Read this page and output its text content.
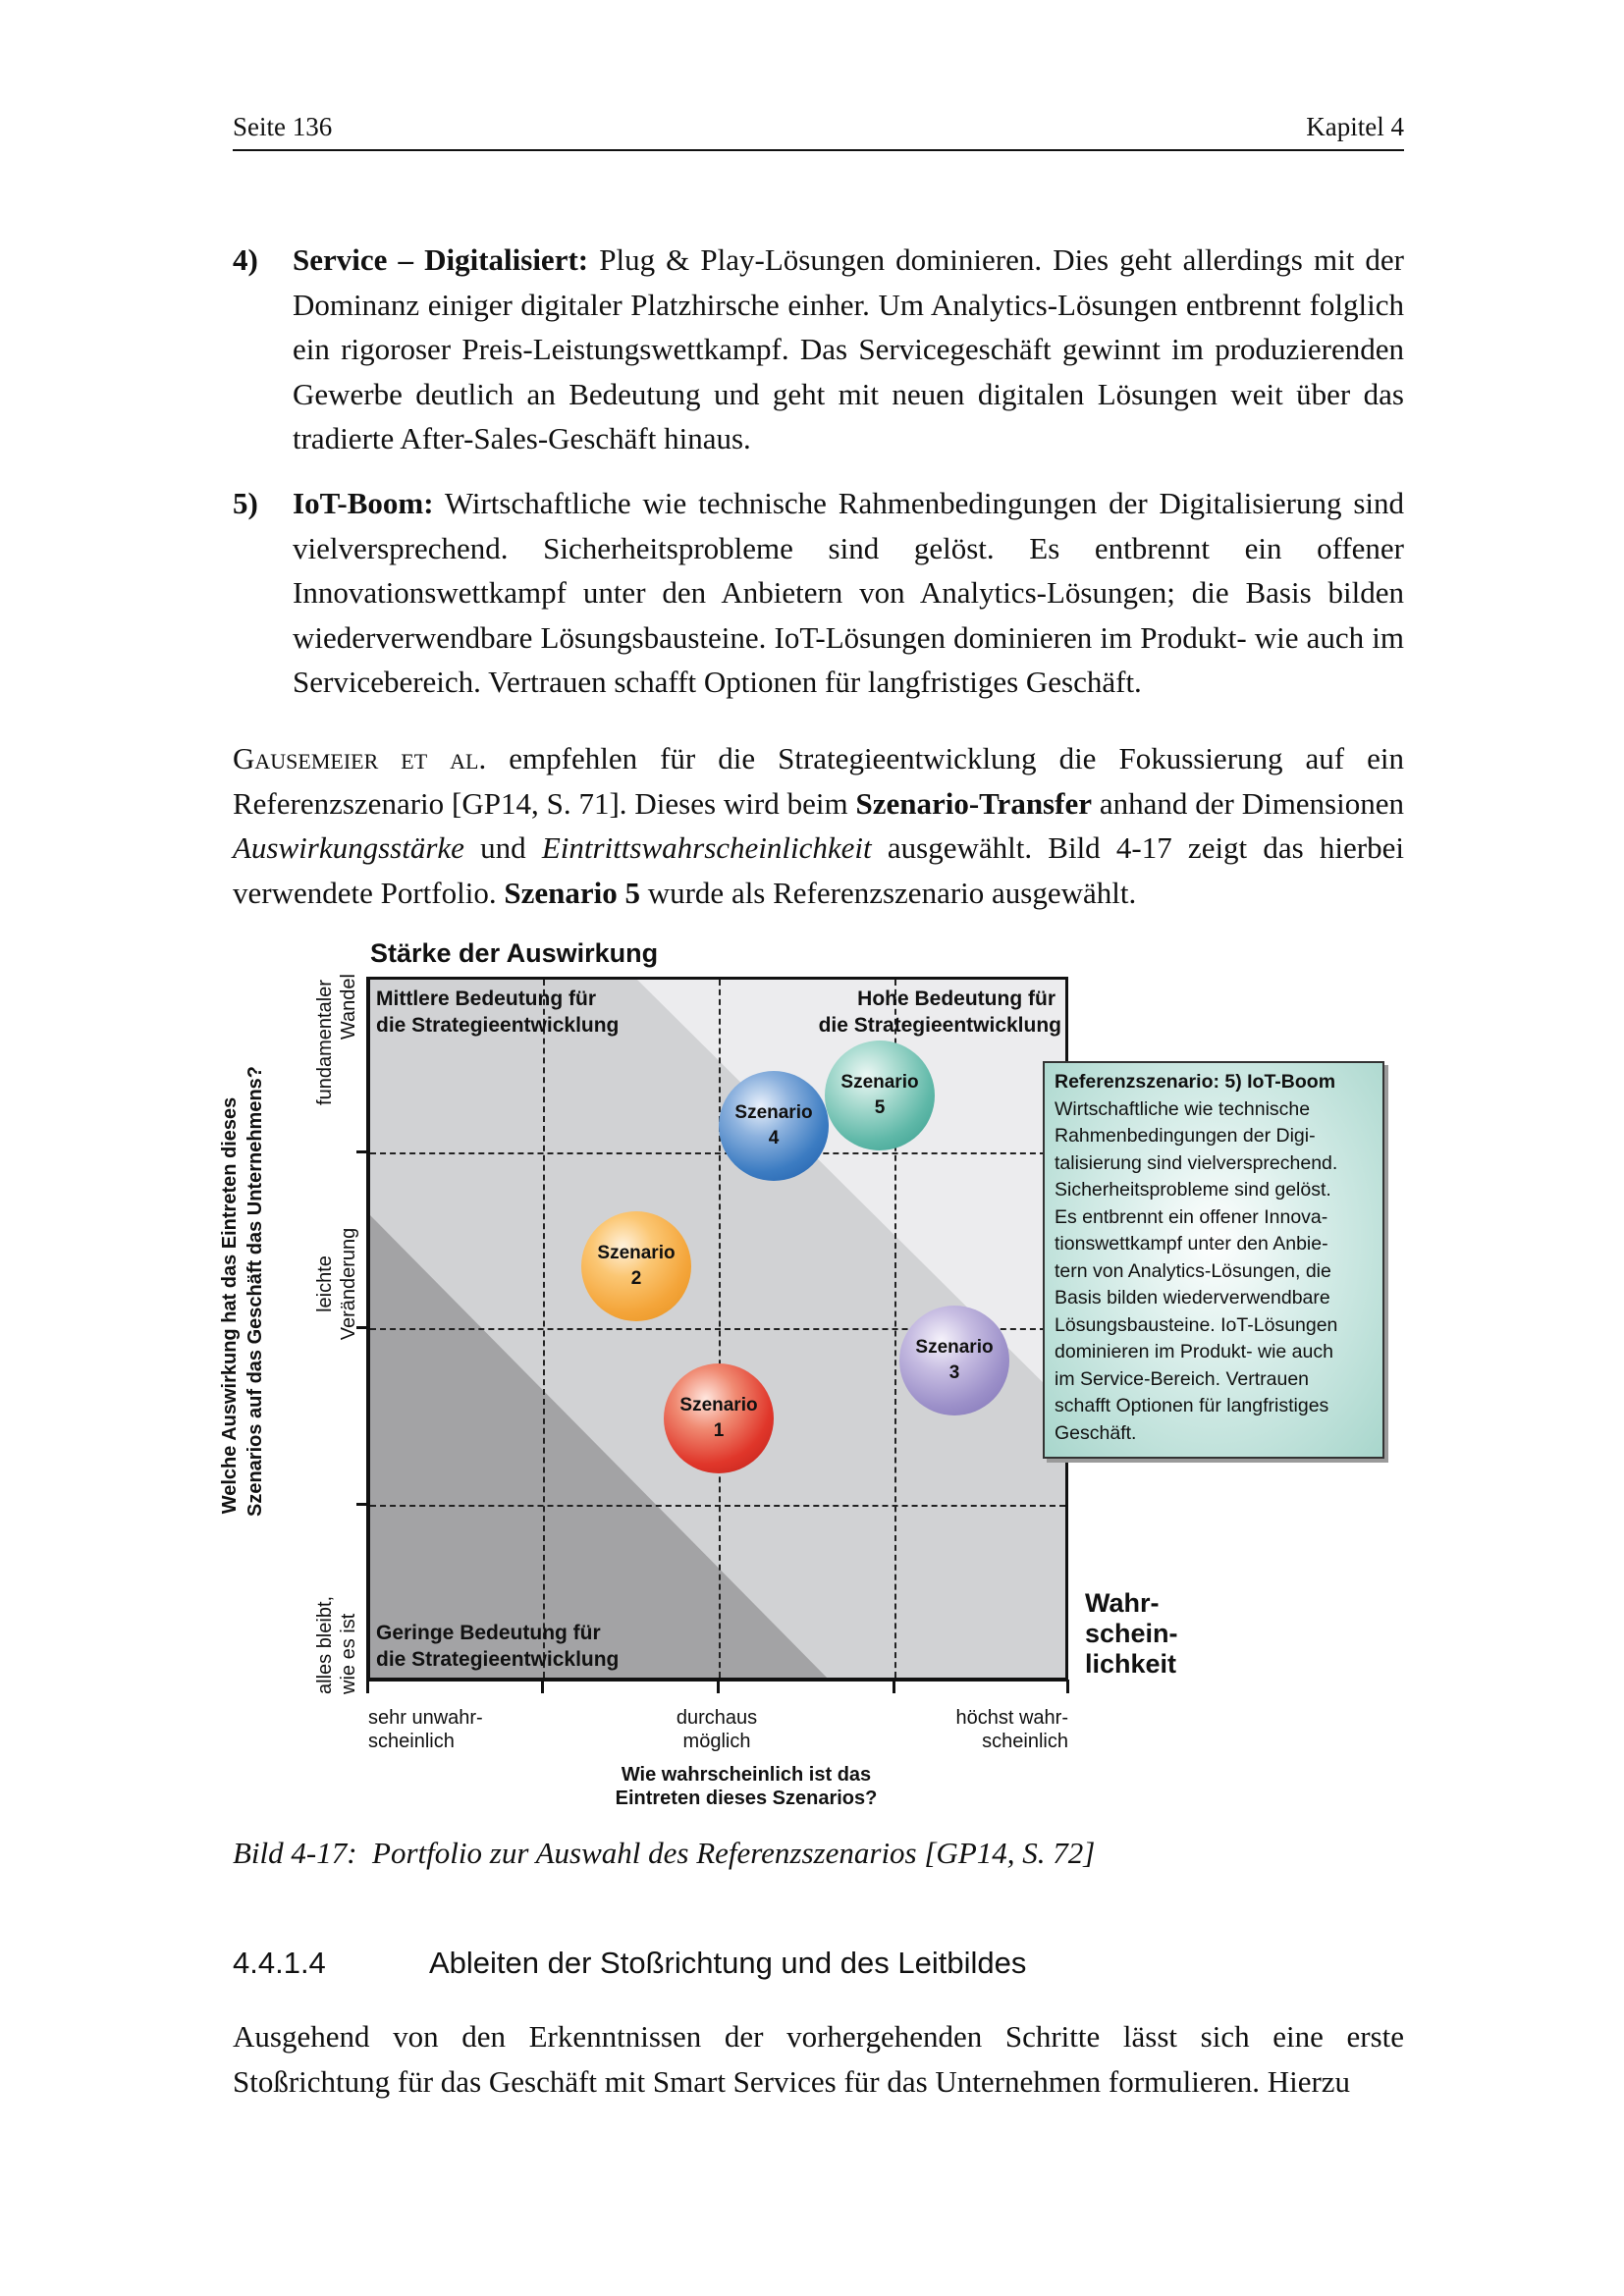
Seite 136	Kapitel 4
4) Service – Digitalisiert: Plug & Play-Lösungen dominieren. Dies geht allerdings mit der Dominanz einiger digitaler Platzhirsche einher. Um Analytics-Lösungen entbrennt folglich ein rigoroser Preis-Leistungswettkampf. Das Servicegeschäft gewinnt im produzierenden Gewerbe deutlich an Bedeutung und geht mit neuen digitalen Lösungen weit über das tradierte After-Sales-Geschäft hinaus.
5) IoT-Boom: Wirtschaftliche wie technische Rahmenbedingungen der Digitalisierung sind vielversprechend. Sicherheitsprobleme sind gelöst. Es entbrennt ein offener Innovationswettkampf unter den Anbietern von Analytics-Lösungen; die Basis bilden wiederverwendbare Lösungsbausteine. IoT-Lösungen dominieren im Produkt- wie auch im Servicebereich. Vertrauen schafft Optionen für langfristiges Geschäft.
Gausemeier et al. empfehlen für die Strategieentwicklung die Fokussierung auf ein Referenzszenario [GP14, S. 71]. Dieses wird beim Szenario-Transfer anhand der Dimensionen Auswirkungsstärke und Eintrittswahrscheinlichkeit ausgewählt. Bild 4-17 zeigt das hierbei verwendete Portfolio. Szenario 5 wurde als Referenzszenario ausgewählt.
Stärke der Auswirkung
Welche Auswirkung hat das Eintreten dieses Szenarios auf das Geschäft das Unternehmens?
fundamentaler Wandel
leichte Veränderung
alles bleibt, wie es ist
Mittlere Bedeutung für
die Strategieentwicklung
Hohe Bedeutung für
die Strategieentwicklung
Geringe Bedeutung für
die Strategieentwicklung
Szenario
1
Szenario
2
Szenario
3
Szenario
4
Szenario
5
Referenzszenario: 5) IoT-Boom
Wirtschaftliche wie technische
Rahmenbedingungen der Digi-
talisierung sind vielversprechend.
Sicherheitsprobleme sind gelöst.
Es entbrennt ein offener Innova-
tionswettkampf unter den Anbie-
tern von Analytics-Lösungen, die
Basis bilden wiederverwendbare
Lösungsbausteine. IoT-Lösungen
dominieren im Produkt- wie auch
im Service-Bereich. Vertrauen
schafft Optionen für langfristiges
Geschäft.
Wahr-
schein-
lichkeit
sehr unwahr-
scheinlich
durchaus
möglich
höchst wahr-
scheinlich
Wie wahrscheinlich ist das
Eintreten dieses Szenarios?
Bild 4-17:  Portfolio zur Auswahl des Referenzszenarios [GP14, S. 72]
4.4.1.4	Ableiten der Stoßrichtung und des Leitbildes
Ausgehend von den Erkenntnissen der vorhergehenden Schritte lässt sich eine erste Stoßrichtung für das Geschäft mit Smart Services für das Unternehmen formulieren. Hierzu
